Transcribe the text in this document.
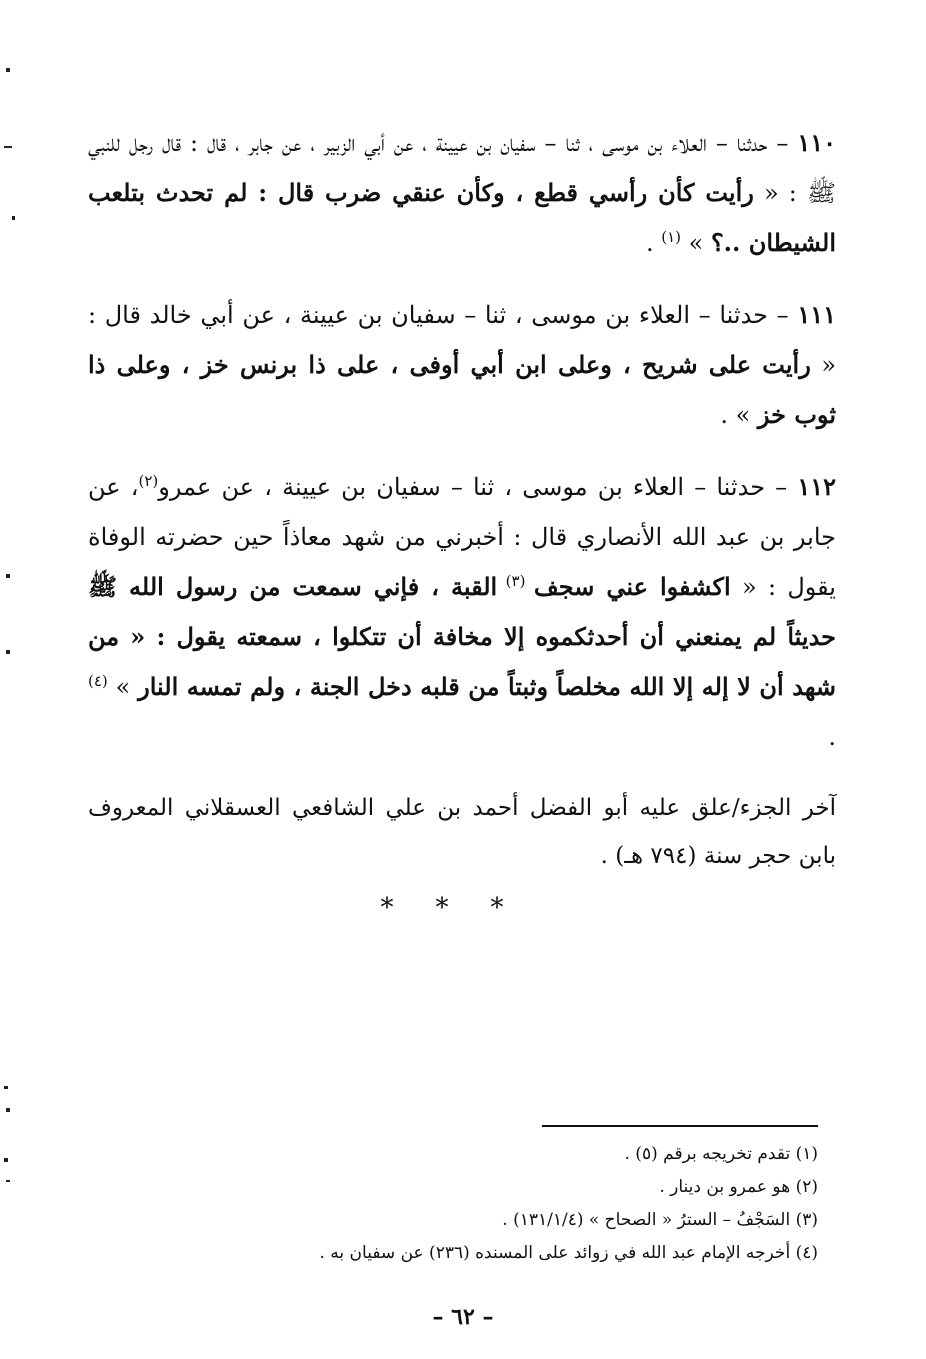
١١٠ – حدثنا – العلاء بن موسى ، ثنا – سفيان بن عيينة ، عن أبي الزبير ، عن جابر ، قال : قال رجل للنبي ﷺ : « رأيت كأن رأسي قطع ، وكأن عنقي ضرب قال : لم تحدث بتلعب الشيطان ..؟ » $^{(١)}$ .

١١١ – حدثنا – العلاء بن موسى ، ثنا – سفيان بن عيينة ، عن أبي خالد قال : « رأيت على شريح ، وعلى ابن أبي أوفى ، على ذا برنس خز ، وعلى ذا ثوب خز » .

١١٢ – حدثنا – العلاء بن موسى ، ثنا – سفيان بن عيينة ، عن عمرو$^{(٢)}$، عن جابر بن عبد الله الأنصاري قال : أخبرني من شهد معاذاً حين حضرته الوفاة يقول : « اكشفوا عني سجف $^{(٣)}$ القبة ، فإني سمعت من رسول الله ﷺ حديثاً لم يمنعني أن أحدثكموه إلا مخافة أن تتكلوا ، سمعته يقول : « من شهد أن لا إله إلا الله مخلصاً وثبتاً من قلبه دخل الجنة ، ولم تمسه النار » $^{(٤)}$ .

آخر الجزء/علق عليه أبو الفضل أحمد بن علي الشافعي العسقلاني المعروف بابن حجر سنة (٧٩٤ هـ) .

***

(١) تقدم تخريجه برقم (٥) .

(٢) هو عمرو بن دينار .

(٣) السَجْفُ – السترُ « الصحاح » (١٣١/١/٤) .

(٤) أخرجه الإمام عبد الله في زوائد على المسنده (٢٣٦) عن سفيان به .

– ٦٢ –
